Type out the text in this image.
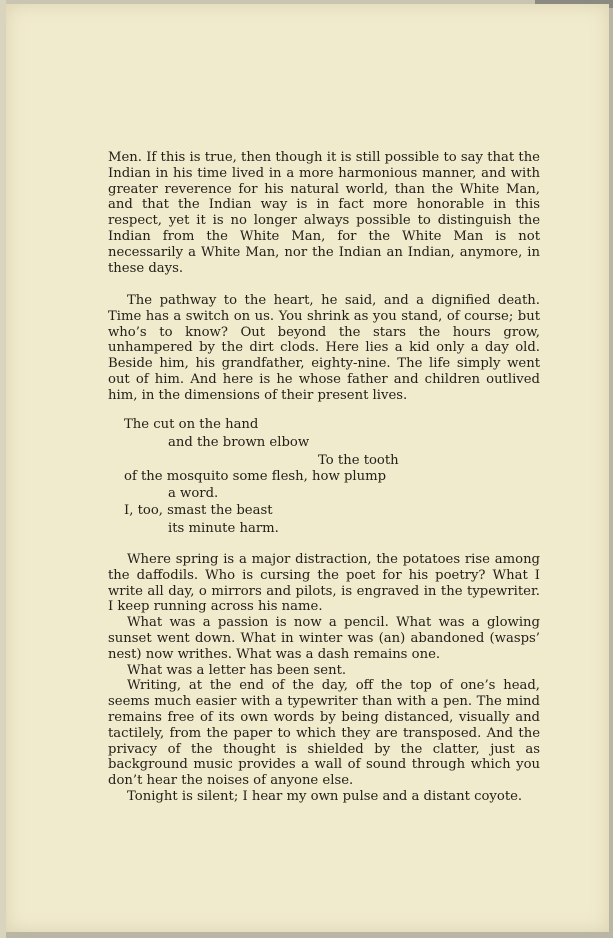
Men. If this is true, then though it is still possible to say that the Indian in his time lived in a more harmonious manner, and with greater reverence for his natural world, than the White Man, and that the Indian way is in fact more honorable in this respect, yet it is no longer always possible to distinguish the Indian from the White Man, for the White Man is not necessarily a White Man, nor the Indian an Indian, anymore, in these days.

The pathway to the heart, he said, and a dignified death. Time has a switch on us. You shrink as you stand, of course; but who’s to know? Out beyond the stars the hours grow, unhampered by the dirt clods. Here lies a kid only a day old. Beside him, his grandfather, eighty-nine. The life simply went out of him. And here is he whose father and children outlived him, in the dimensions of their present lives.

The cut on the hand
and the brown elbow
To the tooth
of the mosquito some flesh, how plump
a word.
I, too, smast the beast
its minute harm.

Where spring is a major distraction, the potatoes rise among the daffodils. Who is cursing the poet for his poetry? What I write all day, o mirrors and pilots, is engraved in the typewriter. I keep running across his name.

What was a passion is now a pencil. What was a glowing sunset went down. What in winter was (an) abandoned (wasps’ nest) now writhes. What was a dash remains one.

What was a letter has been sent.

Writing, at the end of the day, off the top of one’s head, seems much easier with a typewriter than with a pen. The mind remains free of its own words by being distanced, visually and tactilely, from the paper to which they are transposed. And the privacy of the thought is shielded by the clatter, just as background music provides a wall of sound through which you don’t hear the noises of anyone else.

Tonight is silent; I hear my own pulse and a distant coyote.
